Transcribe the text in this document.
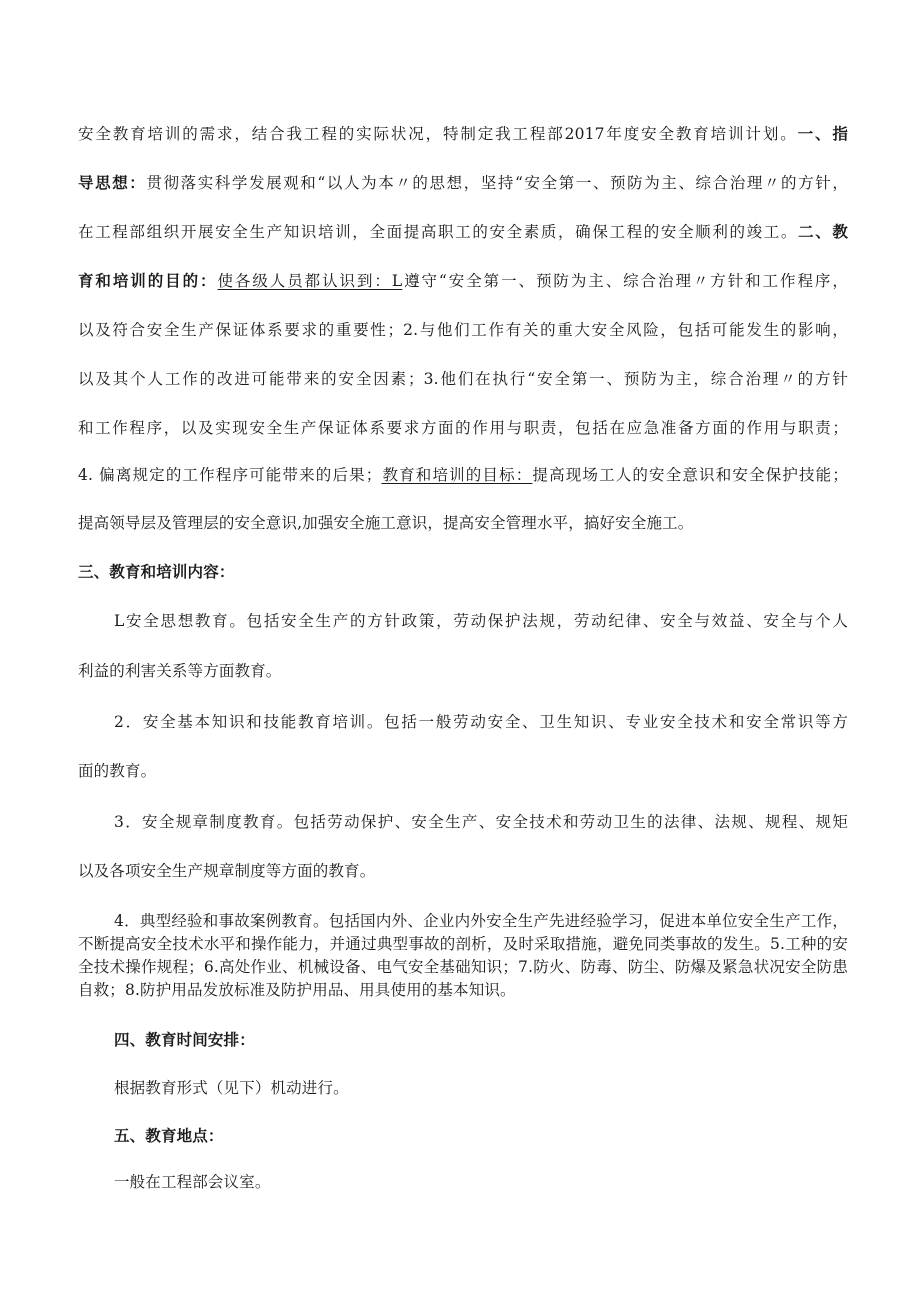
安全教育培训的需求，结合我工程的实际状况，特制定我工程部2017年度安全教育培训计划。一、指
导思想：贯彻落实科学发展观和“以人为本〃的思想，坚持“安全第一、预防为主、综合治理〃的方针，
在工程部组织开展安全生产知识培训，全面提高职工的安全素质，确保工程的安全顺利的竣工。二、教
育和培训的目的：使各级人员都认识到：L遵守“安全第一、预防为主、综合治理〃方针和工作程序，
以及符合安全生产保证体系要求的重要性；2.与他们工作有关的重大安全风险，包括可能发生的影响，
以及其个人工作的改进可能带来的安全因素；3.他们在执行“安全第一、预防为主，综合治理〃的方针
和工作程序，以及实现安全生产保证体系要求方面的作用与职责，包括在应急准备方面的作用与职责；
4. 偏离规定的工作程序可能带来的后果；教育和培训的目标：提高现场工人的安全意识和安全保护技能；
提高领导层及管理层的安全意识,加强安全施工意识，提高安全管理水平，搞好安全施工。
三、教育和培训内容：
L安全思想教育。包括安全生产的方针政策，劳动保护法规，劳动纪律、安全与效益、安全与个人
利益的利害关系等方面教育。
2．安全基本知识和技能教育培训。包括一般劳动安全、卫生知识、专业安全技术和安全常识等方
面的教育。
3．安全规章制度教育。包括劳动保护、安全生产、安全技术和劳动卫生的法律、法规、规程、规矩
以及各项安全生产规章制度等方面的教育。
4．典型经验和事故案例教育。包括国内外、企业内外安全生产先进经验学习，促进本单位安全生产工作，不断提高安全技术水平和操作能力，并通过典型事故的剖析，及时采取措施，避免同类事故的发生。5.工种的安全技术操作规程；6.高处作业、机械设备、电气安全基础知识；7.防火、防毒、防尘、防爆及紧急状况安全防患自救；8.防护用品发放标准及防护用品、用具使用的基本知识。
四、教育时间安排：
根据教育形式（见下）机动进行。
五、教育地点：
一般在工程部会议室。
